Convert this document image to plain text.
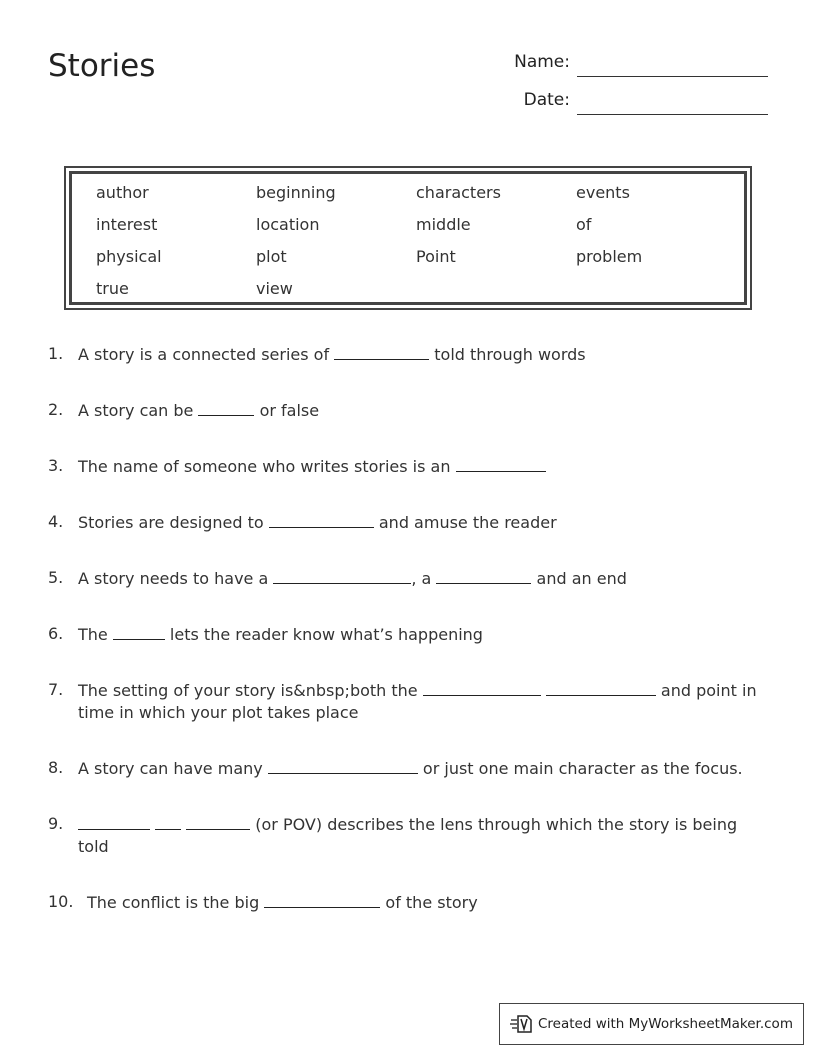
Stories	Name:
Date:
author	beginning	characters	events
interest	location	middle	of
physical	plot	Point	problem
true	view
1. A story is a connected series of	told through words
2. A story can be	or false
3. The name of someone who writes stories is an
4. Stories are designed to	and amuse the reader
5. A story needs to have a	, a	and an end
6. The	lets the reader know what’s happening
7. The setting of your story is&nbsp;both the	and point in time in which your plot takes place
8. A story can have many	or just one main character as the focus.
9.	(or POV) describes the lens through which the story is being told
10. The conflict is the big	of the story
Created with MyWorksheetMaker.com
